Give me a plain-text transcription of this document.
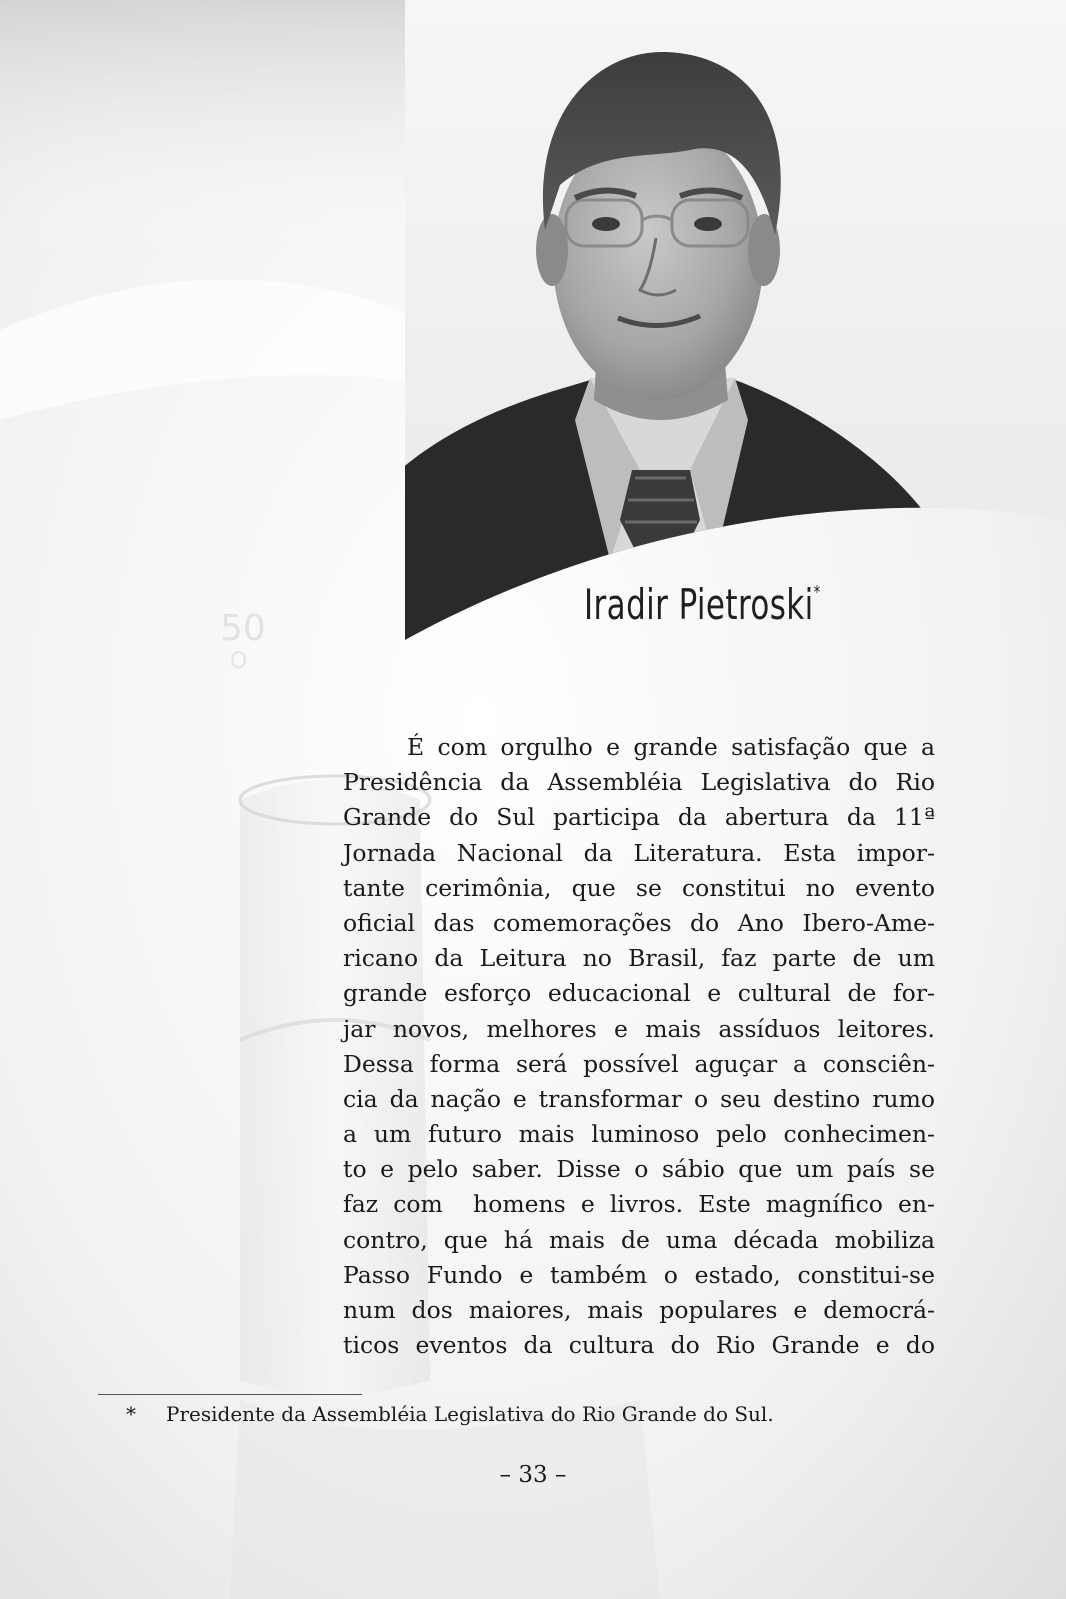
50
O
Iradir Pietroski*
É com orgulho e grande satisfação que a
Presidência da Assembléia Legislativa do Rio
Grande do Sul participa da abertura da 11ª
Jornada Nacional da Literatura. Esta impor-
tante cerimônia, que se constitui no evento
oficial das comemorações do Ano Ibero-Ame-
ricano da Leitura no Brasil, faz parte de um
grande esforço educacional e cultural de for-
jar novos, melhores e mais assíduos leitores.
Dessa forma será possível aguçar a consciên-
cia da nação e transformar o seu destino rumo
a um futuro mais luminoso pelo conhecimen-
to e pelo saber. Disse o sábio que um país se
faz com  homens e livros. Este magnífico en-
contro, que há mais de uma década mobiliza
Passo Fundo e também o estado, constitui-se
num dos maiores, mais populares e democrá-
ticos eventos da cultura do Rio Grande e do
* Presidente da Assembléia Legislativa do Rio Grande do Sul.
– 33 –
